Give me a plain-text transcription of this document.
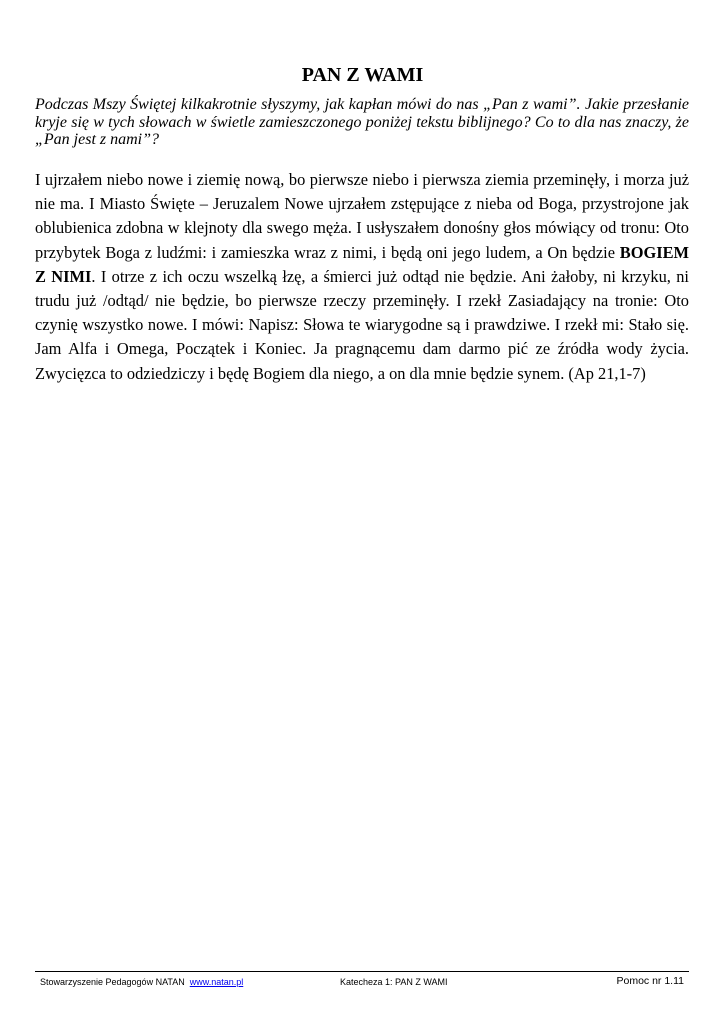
PAN Z WAMI
Podczas Mszy Świętej kilkakrotnie słyszymy, jak kapłan mówi do nas „Pan z wami”. Jakie przesłanie kryje się w tych słowach w świetle zamieszczonego poniżej tekstu biblijnego? Co to dla nas znaczy, że „Pan jest z nami”?
I ujrzałem niebo nowe i ziemię nową, bo pierwsze niebo i pierwsza ziemia przeminęły, i morza już nie ma. I Miasto Święte – Jeruzalem Nowe ujrzałem zstępujące z nieba od Boga, przystrojone jak oblubienica zdobna w klejnoty dla swego męża. I usłyszałem donośny głos mówiący od tronu: Oto przybytek Boga z ludźmi: i zamieszka wraz z nimi, i będą oni jego ludem, a On będzie BOGIEM Z NIMI. I otrze z ich oczu wszelką łzę, a śmierci już odtąd nie będzie. Ani żałoby, ni krzyku, ni trudu już /odtąd/ nie będzie, bo pierwsze rzeczy przeminęły. I rzekł Zasiadający na tronie: Oto czynię wszystko nowe. I mówi: Napisz: Słowa te wiarygodne są i prawdziwe. I rzekł mi: Stało się. Jam Alfa i Omega, Początek i Koniec. Ja pragnącemu dam darmo pić ze źródła wody życia. Zwycięzca to odziedziczy i będę Bogiem dla niego, a on dla mnie będzie synem. (Ap 21,1-7)
Stowarzyszenie Pedagogów NATAN www.natan.pl	Katecheza 1: PAN Z WAMI	Pomoc nr 1.11
